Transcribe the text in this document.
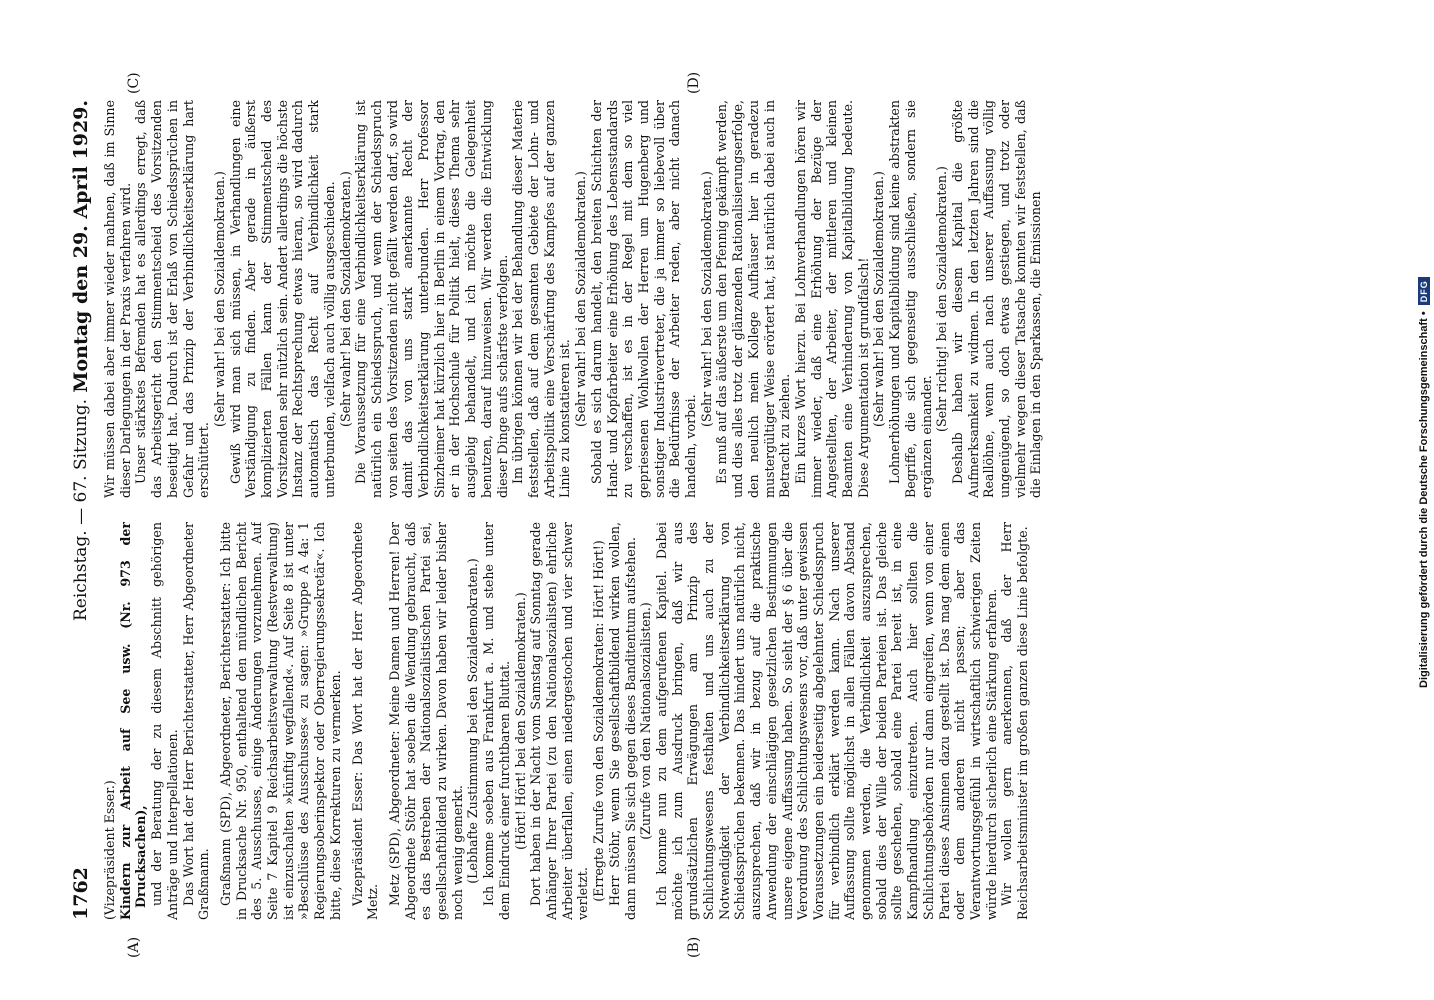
1762
Reichstag. — 67. Sitzung.
Montag den 29. April 1929.

(Vizepräsident Esser.) Kindern zur Arbeit auf See usw. (Nr. 973 der Drucksachen), und der Beratung der zu diesem Abschnitt gehörigen Anträge und Interpellationen. Das Wort hat der Herr Berichterstatter, Herr Abgeordneter Graßmann. Graßmann (SPD), Abgeordneter, Berichterstatter: Ich bitte in Drucksache Nr. 950, enthaltend den mündlichen Bericht des 5. Ausschusses, einige Änderungen vorzunehmen. Auf Seite 7 Kapitel 9 Reichsarbeitsverwaltung (Restverwaltung) ist einzuschalten »künftig wegfallend«. Auf Seite 8 ist unter »Beschlüsse des Ausschusses« zu sagen: »Gruppe A 4a: 1 Regierungsoberinspektor oder Oberregierungssekretär«. Ich bitte, diese Korrekturen zu vermerken. Vizepräsident Esser: Das Wort hat der Herr Abgeordnete Metz. Metz (SPD), Abgeordneter: Meine Damen und Herren! Der Abgeordnete Stöhr hat soeben die Wendung gebraucht, daß es das Bestreben der Nationalsozialistischen Partei sei, gesellschaftbildend zu wirken. Davon haben wir leider bisher noch wenig gemerkt. (Lebhafte Zustimmung bei den Sozialdemokraten.) Ich komme soeben aus Frankfurt a. M. und stehe unter dem Eindruck einer furchtbaren Bluttat. (Hört! Hört! bei den Sozialdemokraten.) Dort haben in der Nacht vom Samstag auf Sonntag gerade Anhänger Ihrer Partei (zu den Nationalsozialisten) ehrliche Arbeiter überfallen, einen niedergestochen und vier schwer verletzt. (Erregte Zurufe von den Sozialdemokraten: Hört! Hört!) Herr Stöhr, wenn Sie gesellschaftbildend wirken wollen, dann müssen Sie sich gegen dieses Banditentum aufstehen. (Zurufe von den Nationalsozialisten.) Ich komme nun zu dem aufgerufenen Kapitel. Dabei möchte ich zum Ausdruck bringen, daß wir aus grundsätzlichen Erwägungen am Prinzip des Schlichtungswesens festhalten und uns auch zu der Notwendigkeit der Verbindlichkeitserklärung von Schiedssprüchen bekennen. Das hindert uns natürlich nicht, auszusprechen, daß wir in bezug auf die praktische Anwendung der einschlägigen gesetzlichen Bestimmungen unsere eigene Auffassung haben. So sieht der § 6 über die Verordnung des Schlichtungswesens vor, daß unter gewissen Voraussetzungen ein beiderseitig abgelehnter Schiedsspruch für verbindlich erklärt werden kann. Nach unserer Auffassung sollte möglichst in allen Fällen davon Abstand genommen werden, die Verbindlichkeit auszusprechen, sobald dies der Wille der beiden Parteien ist. Das gleiche sollte geschehen, sobald eine Partei bereit ist, in eine Kampfhandlung einzutreten. Auch hier sollten die Schlichtungsbehörden nur dann eingreifen, wenn von einer Partei dieses Ansinnen dazu gestellt ist. Das mag dem einen oder dem anderen nicht passen; aber das Verantwortungsgefühl in wirtschaftlich schwierigen Zeiten würde hierdurch sicherlich eine Stärkung erfahren. Wir wollen gern anerkennen, daß der Herr Reichsarbeitsminister im großen ganzen diese Linie befolgte.

Wir müssen dabei aber immer wieder mahnen, daß im Sinne dieser Darlegungen in der Praxis verfahren wird. Unser stärkstes Befremden hat es allerdings erregt, daß das Arbeitsgericht den Stimmentscheid des Vorsitzenden beseitigt hat. Dadurch ist der Erlaß von Schiedssprüchen in Gefahr und das Prinzip der Verbindlichkeitserklärung hart erschüttert.

(Sehr wahr! bei den Sozialdemokraten.) Gewiß wird man sich müssen, in Verhandlungen eine Verständigung zu finden. Aber gerade in äußerst komplizierten Fällen kann der Stimmentscheid des Vorsitzenden sehr nützlich sein. Andert allerdings die höchste Instanz der Rechtsprechung etwas hieran, so wird dadurch automatisch das Recht auf Verbindlichkeit stark unterbunden, vielfach auch völlig ausgeschieden. (Sehr wahr! bei den Sozialdemokraten.) Die Voraussetzung für eine Verbindlichkeitserklärung ist natürlich ein Schiedsspruch, und wenn der Schiedsspruch von seiten des Vorsitzenden nicht gefällt werden darf, so wird damit das von uns stark anerkannte Recht der Verbindlichkeitserklärung unterbunden. Herr Professor Sinzheimer hat kürzlich hier in Berlin in einem Vortrag, den er in der Hochschule für Politik hielt, dieses Thema sehr ausgiebig behandelt, und ich möchte die Gelegenheit benutzen, darauf hinzuweisen. Wir werden die Entwicklung dieser Dinge aufs schärfste verfolgen. Im übrigen können wir bei der Behandlung dieser Materie feststellen, daß auf dem gesamten Gebiete der Lohn- und Arbeitspolitik eine Verschärfung des Kampfes auf der ganzen Linie zu konstatieren ist. (Sehr wahr! bei den Sozialdemokraten.) Sobald es sich darum handelt, den breiten Schichten der Hand- und Kopfarbeiter eine Erhöhung des Lebensstandards zu verschaffen, ist es in der Regel mit dem so viel gepriesenen Wohlwollen der Herren um Hugenberg und sonstiger Industrievertreter, die ja immer so liebevoll über die Bedürfnisse der Arbeiter reden, aber nicht danach handeln, vorbei.

(Sehr wahr! bei den Sozialdemokraten.) Es muß auf das äußerste um den Pfennig gekämpft werden, und dies alles trotz der glänzenden Rationalisierungserfolge, den neulich mein Kollege Aufhäuser hier in geradezu mustergültiger Weise erörtert hat, ist natürlich dabei auch in Betracht zu ziehen. Ein kurzes Wort hierzu. Bei Lohnverhandlungen hören wir immer wieder, daß eine Erhöhung der Bezüge der Angestellten, der Arbeiter, der mittleren und kleinen Beamten eine Verhinderung von Kapitalbildung bedeute. Diese Argumentation ist grundfalsch! (Sehr wahr! bei den Sozialdemokraten.) Lohnerhöhungen und Kapitalbildung sind keine abstrakten Begriffe, die sich gegenseitig ausschließen, sondern sie ergänzen einander.

(Sehr richtig! bei den Sozialdemokraten.) Deshalb haben wir diesem Kapital die größte Aufmerksamkeit zu widmen. In den letzten Jahren sind die Reallöhne, wenn auch nach unserer Auffassung völlig ungenügend, so doch etwas gestiegen, und trotz oder vielmehr wegen dieser Tatsache konnten wir feststellen, daß die Einlagen in den Sparkassen, die Emissionen

(A)	(B)
(C)	(D)
Digitalisierung gefördert durch die Deutsche Forschungsgemeinschaft •
DFG
